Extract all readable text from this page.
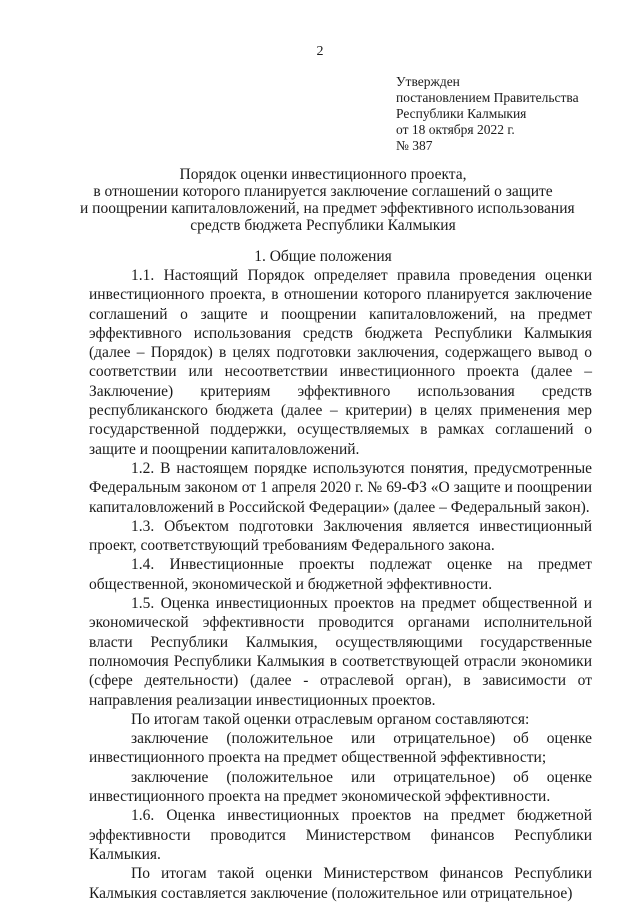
2
Утвержден
постановлением Правительства
Республики Калмыкия
от 18 октября 2022 г.
№ 387
Порядок оценки инвестиционного проекта,
в отношении которого планируется заключение соглашений о защите
и поощрении капиталовложений, на предмет эффективного использования
средств бюджета Республики Калмыкия
1. Общие положения

1.1. Настоящий Порядок определяет правила проведения оценки инвестиционного проекта, в отношении которого планируется заключение соглашений о защите и поощрении капиталовложений, на предмет эффективного использования средств бюджета Республики Калмыкия (далее – Порядок) в целях подготовки заключения, содержащего вывод о соответствии или несоответствии инвестиционного проекта (далее – Заключение) критериям эффективного использования средств республиканского бюджета (далее – критерии) в целях применения мер государственной поддержки, осуществляемых в рамках соглашений о защите и поощрении капиталовложений.

1.2. В настоящем порядке используются понятия, предусмотренные Федеральным законом от 1 апреля 2020 г. № 69-ФЗ «О защите и поощрении капиталовложений в Российской Федерации» (далее – Федеральный закон).

1.3. Объектом подготовки Заключения является инвестиционный проект, соответствующий требованиям Федерального закона.

1.4. Инвестиционные проекты подлежат оценке на предмет общественной, экономической и бюджетной эффективности.

1.5. Оценка инвестиционных проектов на предмет общественной и экономической эффективности проводится органами исполнительной власти Республики Калмыкия, осуществляющими государственные полномочия Республики Калмыкия в соответствующей отрасли экономики (сфере деятельности) (далее - отраслевой орган), в зависимости от направления реализации инвестиционных проектов.

По итогам такой оценки отраслевым органом составляются:

заключение (положительное или отрицательное) об оценке инвестиционного проекта на предмет общественной эффективности;

заключение (положительное или отрицательное) об оценке инвестиционного проекта на предмет экономической эффективности.

1.6. Оценка инвестиционных проектов на предмет бюджетной эффективности проводится Министерством финансов Республики Калмыкия.

По итогам такой оценки Министерством финансов Республики Калмыкия составляется заключение (положительное или отрицательное)
